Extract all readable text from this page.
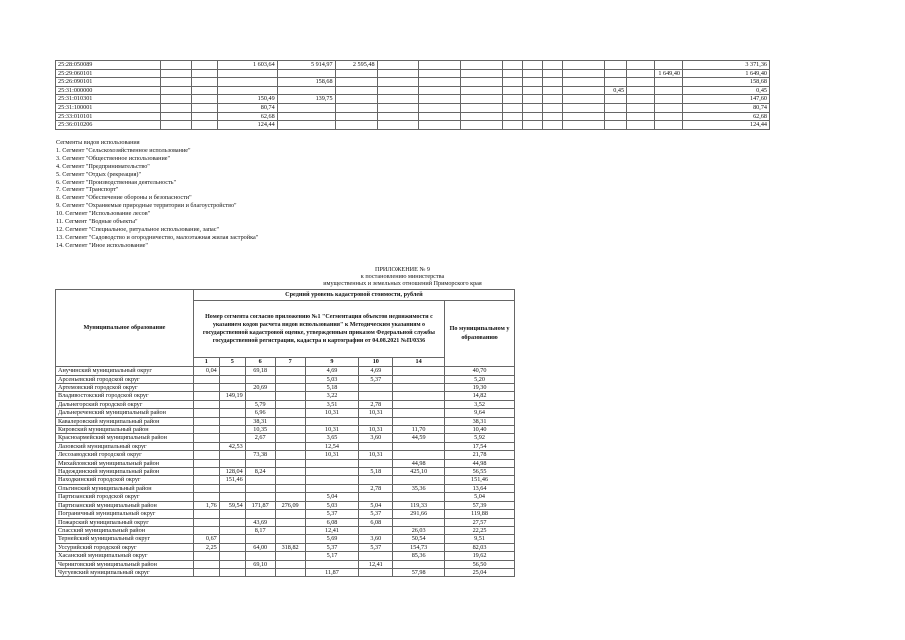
25:28:050089			1 603,64	5 914,97	2 595,48											3 371,36
25:29:060101															1 649,40	1 649,40
25:26:090101				158,68												158,68
25:31:000000													0,45			0,45
25:31:010301			150,49	139,75												147,60
25:31:100001			80,74													80,74
25:33:010101			62,68													62,68
25:36:010206			124,44													124,44
Сегменты видов использования
1. Сегмент "Сельскохозяйственное использование"
3. Сегмент "Общественное использование"
4. Сегмент "Предпринимательство"
5. Сегмент "Отдых (рекреация)"
6. Сегмент "Производственная деятельность"
7. Сегмент "Транспорт"
8. Сегмент "Обеспечение обороны и безопасности"
9. Сегмент "Охраняемые природные территории и благоустройство"
10. Сегмент "Использование лесов"
11. Сегмент "Водные объекты"
12. Сегмент "Специальное, ритуальное использование, запас"
13. Сегмент "Садоводство и огородничество, малоэтажная жилая застройка"
14. Сегмент "Иное использование"
ПРИЛОЖЕНИЕ № 9
к постановлению министерства
имущественных и земельных отношений Приморского края
Муниципальное образование	Средний уровень кадастровой стоимости, рублей							
	Номер сегмента согласно приложению №1 "Сегментация объектов недвижимости с указанием кодов расчета видов использования" к Методическим указаниям о государственной кадастровой оценке, утвержденным приказом Федеральной службы государственной регистрации, кадастра и картографии от 04.08.2021 №П/0336							По муниципальном у образованию
	1	5	6	7	9	10	14	
Анучинский муниципальный округ	0,04		69,18		4,69	4,69		40,70
Арсеньевский городской округ					5,03	5,37		5,20
Артемовский городской округ			20,69		5,18			19,30
Владивостокский городской округ		149,19			3,22			14,82
Дальнегорский городской округ			5,79		3,51	2,78		3,52
Дальнереченский муниципальный район			6,96		10,31	10,31		9,64
Кавалеровский муниципальный район			38,31					38,31
Кировский муниципальный район			10,35		10,31	10,31	11,70	10,40
Красноармейский муниципальный район			2,67		3,65	3,60	44,59	5,92
Лазовский муниципальный округ		42,53			12,54			17,54
Лесозаводский городской округ			73,38		10,31	10,31		21,78
Михайловский муниципальный район							44,98	44,98
Надеждинский муниципальный район		128,04	8,24			5,18	425,10	56,55
Находкинский городской округ		151,46						151,46
Ольгинский муниципальный район						2,78	35,36	13,64
Партизанский городской округ					5,04			5,04
Партизанский муниципальный район	1,76	59,54	171,87	276,09	5,03	5,04	119,33	57,39
Пограничный муниципальный округ					5,37	5,37	291,66	119,88
Пожарский муниципальный округ			43,69		6,08	6,08		27,57
Спасский муниципальный район			8,17		12,41		26,03	22,25
Тернейский муниципальный округ	0,67				5,69	3,60	50,54	9,51
Уссурийский городской округ	2,25		64,00	318,82	5,37	5,37	154,73	82,03
Хасанский муниципальный округ					5,17		85,36	19,62
Черниговский муниципальный район			69,10			12,41		56,50
Чугуевский муниципальный округ					11,87		57,98	25,04
